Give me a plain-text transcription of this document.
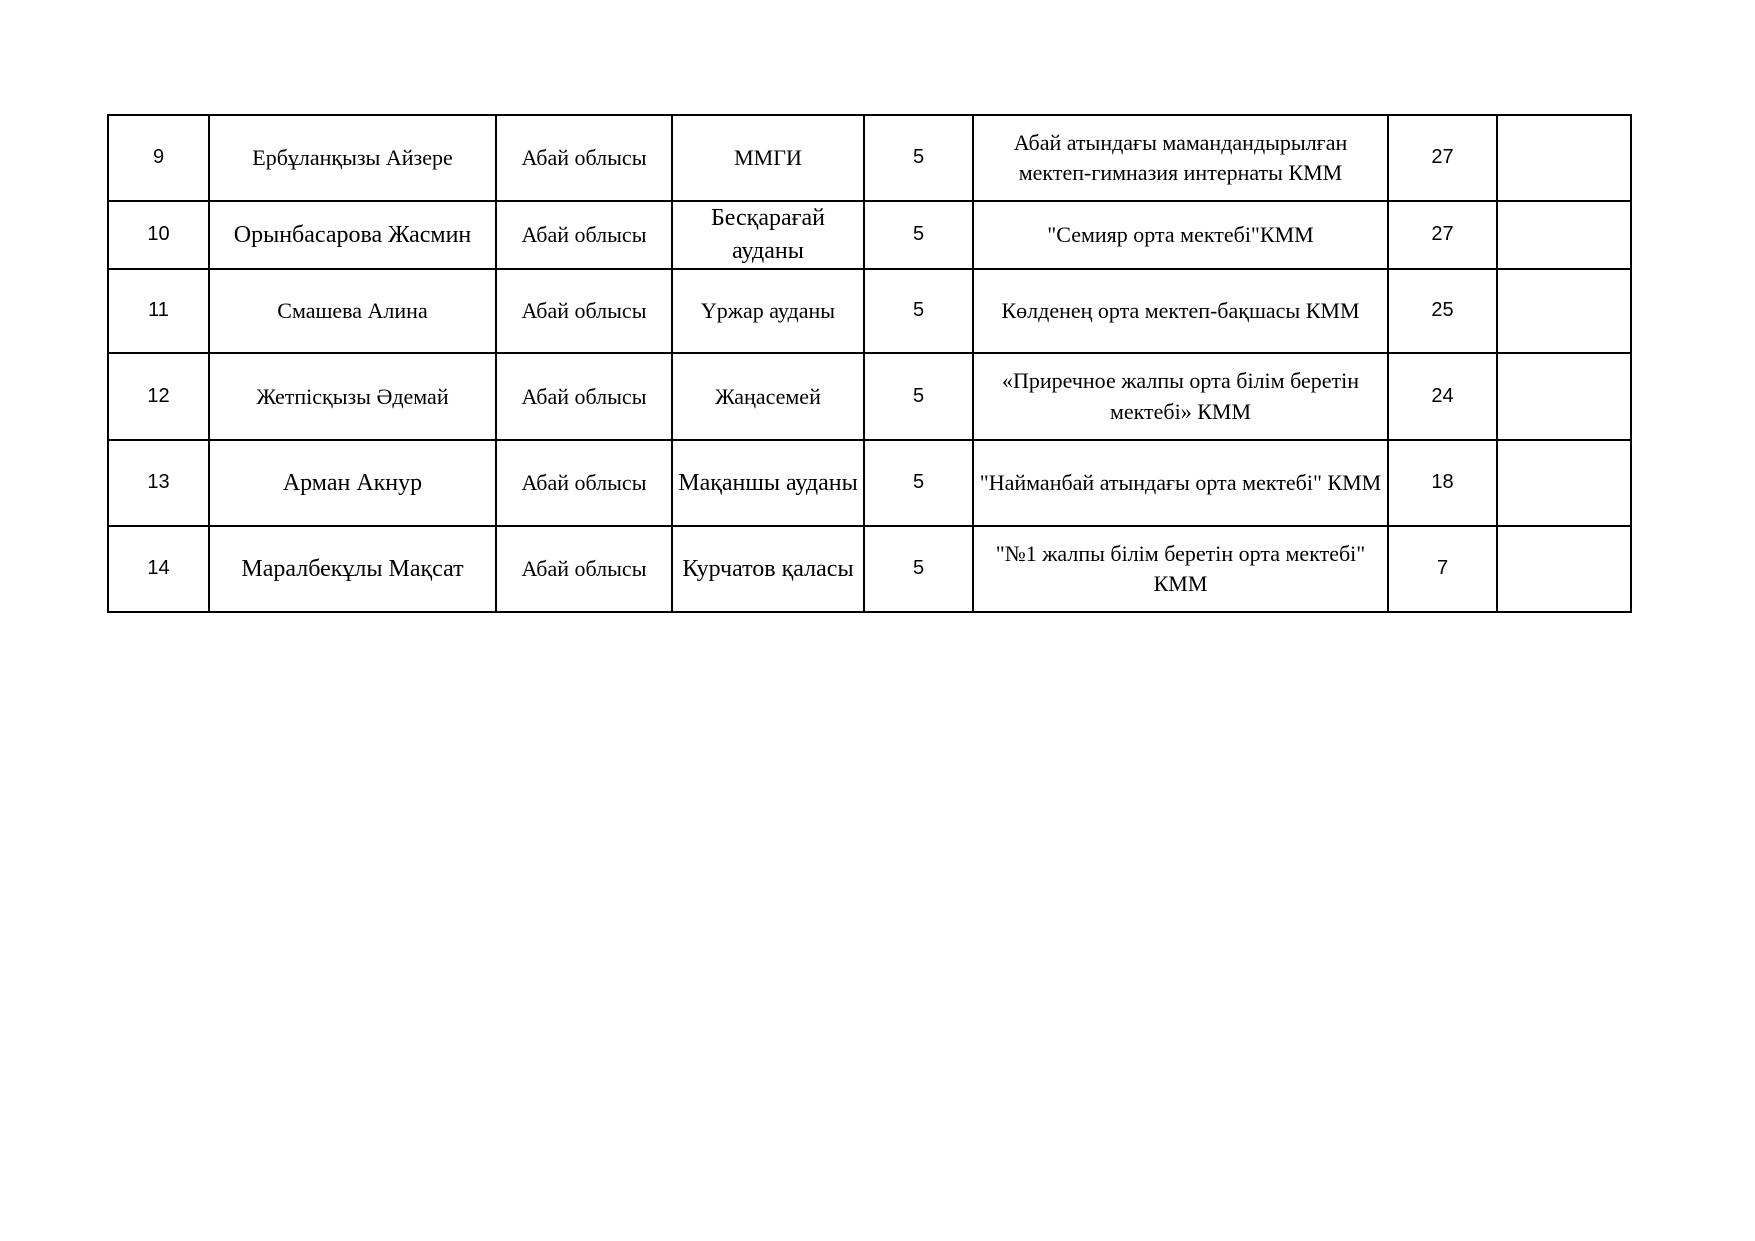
9	Ербұланқызы Айзере	Абай облысы	ММГИ	5	Абай атындағы мамандандырылған мектеп-гимназия интернаты КММ	27	
10	Орынбасарова Жасмин	Абай облысы	Бесқарағай ауданы	5	"Семияр орта мектебі"КММ	27	
11	Смашева Алина	Абай облысы	Үржар ауданы	5	Көлденең орта мектеп-бақшасы КММ	25	
12	Жетпісқызы Әдемай	Абай облысы	Жаңасемей	5	«Приречное жалпы орта білім беретін мектебі» КММ	24	
13	Арман Акнур	Абай облысы	Мақаншы ауданы	5	"Найманбай атындағы орта мектебі" КММ	18	
14	Маралбекұлы Мақсат	Абай облысы	Курчатов қаласы	5	"№1 жалпы білім беретін орта мектебі" КММ	7	
